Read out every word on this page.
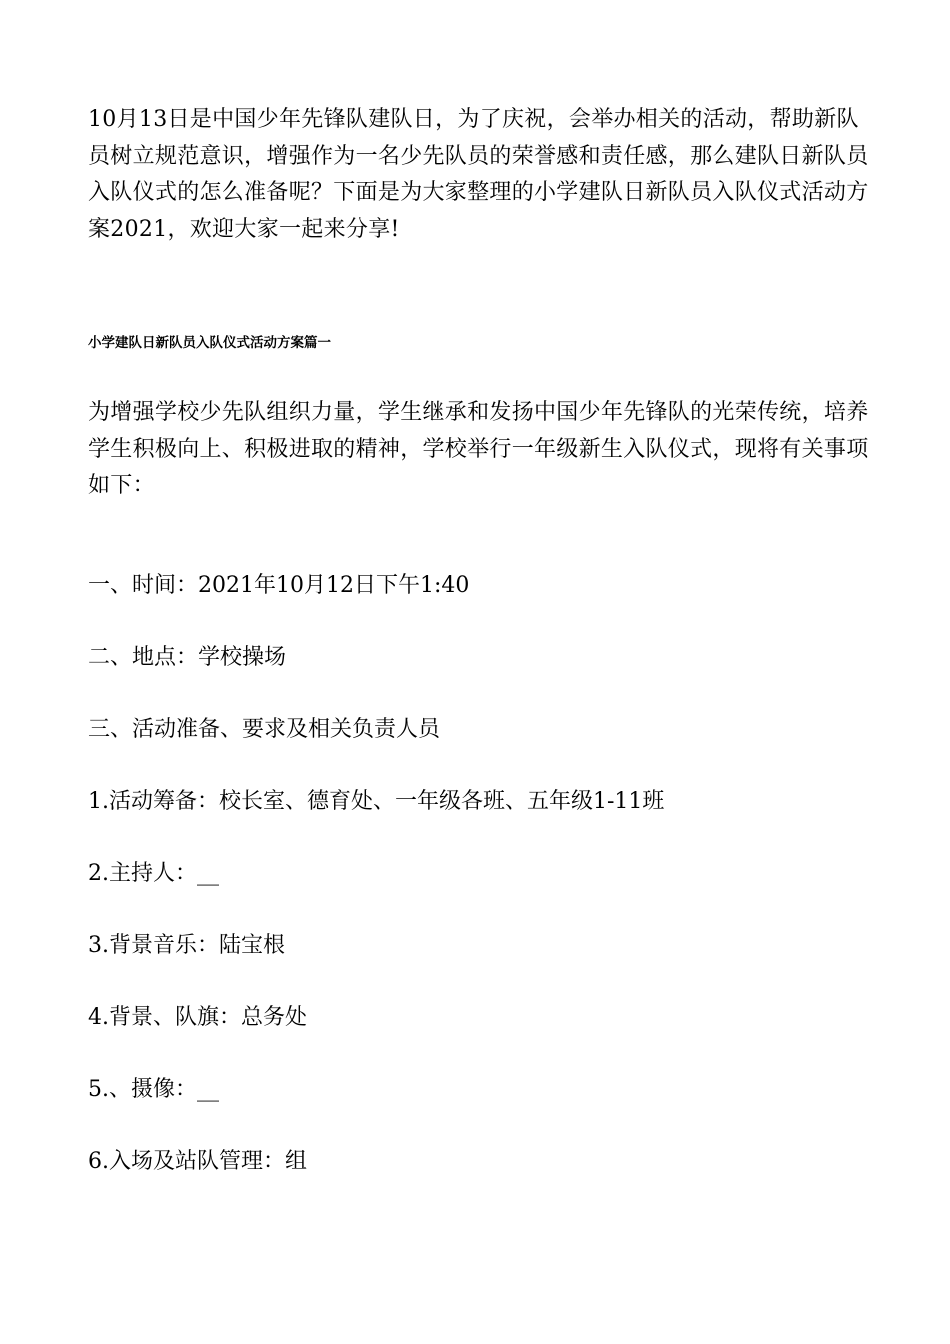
10月13日是中国少年先锋队建队日，为了庆祝，会举办相关的活动，帮助新队员树立规范意识，增强作为一名少先队员的荣誉感和责任感，那么建队日新队员入队仪式的怎么准备呢？下面是为大家整理的小学建队日新队员入队仪式活动方案2021，欢迎大家一起来分享!

小学建队日新队员入队仪式活动方案篇一

为增强学校少先队组织力量，学生继承和发扬中国少年先锋队的光荣传统，培养学生积极向上、积极进取的精神，学校举行一年级新生入队仪式，现将有关事项如下：

一、时间：2021年10月12日下午1:40

二、地点：学校操场

三、活动准备、要求及相关负责人员

1.活动筹备：校长室、德育处、一年级各班、五年级1-11班

2.主持人：__

3.背景音乐：陆宝根

4.背景、队旗：总务处

5.、摄像：__

6.入场及站队管理：组
